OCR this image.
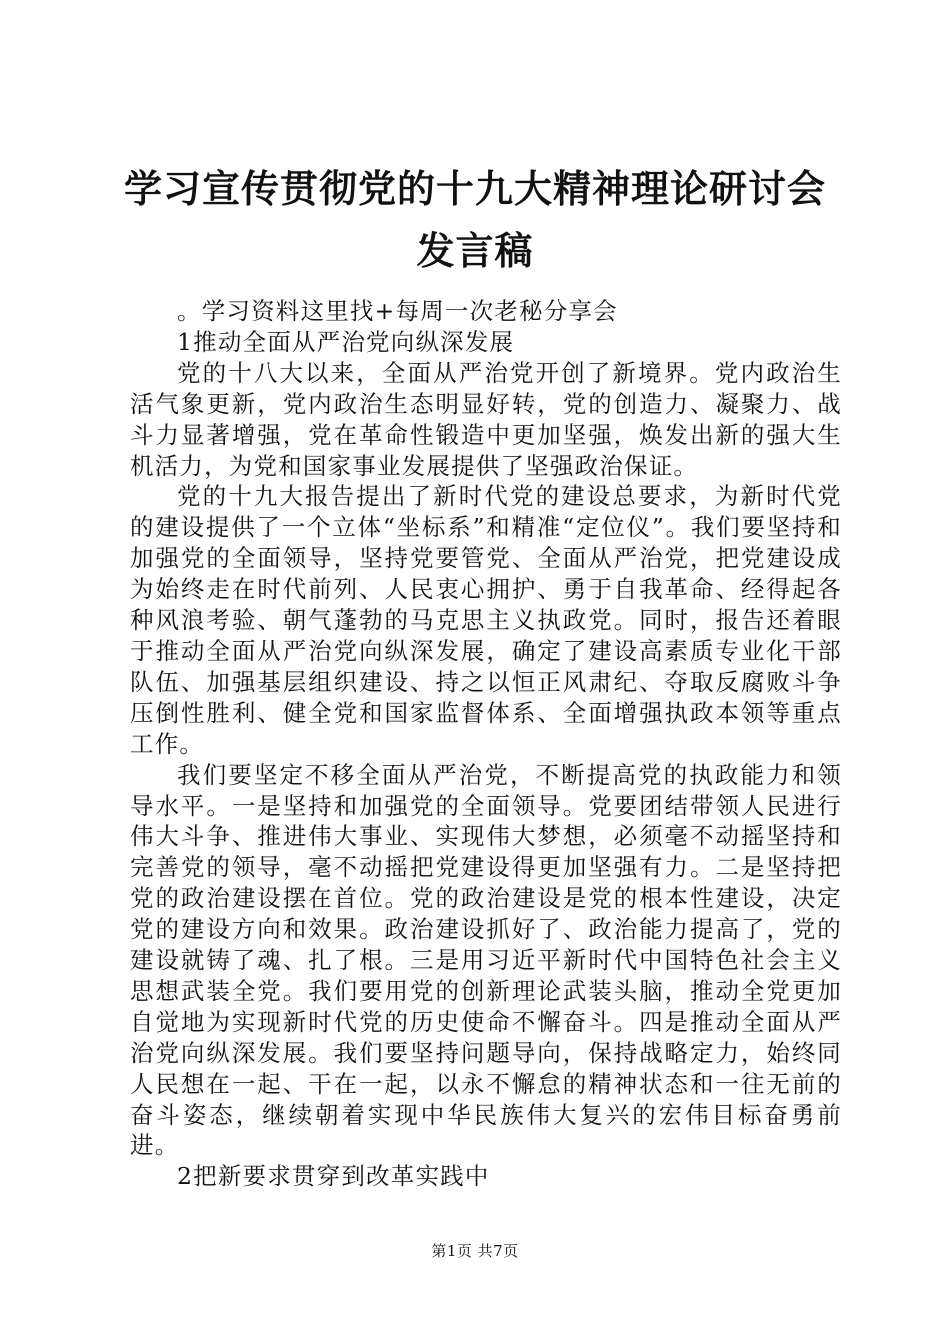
学习宣传贯彻党的十九大精神理论研讨会发言稿

。学习资料这里找+每周一次老秘分享会

1推动全面从严治党向纵深发展

党的十八大以来，全面从严治党开创了新境界。党内政治生活气象更新，党内政治生态明显好转，党的创造力、凝聚力、战斗力显著增强，党在革命性锻造中更加坚强，焕发出新的强大生机活力，为党和国家事业发展提供了坚强政治保证。

党的十九大报告提出了新时代党的建设总要求，为新时代党的建设提供了一个立体“坐标系”和精准“定位仪”。我们要坚持和加强党的全面领导，坚持党要管党、全面从严治党，把党建设成为始终走在时代前列、人民衷心拥护、勇于自我革命、经得起各种风浪考验、朝气蓬勃的马克思主义执政党。同时，报告还着眼于推动全面从严治党向纵深发展，确定了建设高素质专业化干部队伍、加强基层组织建设、持之以恒正风肃纪、夺取反腐败斗争压倒性胜利、健全党和国家监督体系、全面增强执政本领等重点工作。

我们要坚定不移全面从严治党，不断提高党的执政能力和领导水平。一是坚持和加强党的全面领导。党要团结带领人民进行伟大斗争、推进伟大事业、实现伟大梦想，必须毫不动摇坚持和完善党的领导，毫不动摇把党建设得更加坚强有力。二是坚持把党的政治建设摆在首位。党的政治建设是党的根本性建设，决定党的建设方向和效果。政治建设抓好了、政治能力提高了，党的建设就铸了魂、扎了根。三是用习近平新时代中国特色社会主义思想武装全党。我们要用党的创新理论武装头脑，推动全党更加自觉地为实现新时代党的历史使命不懈奋斗。四是推动全面从严治党向纵深发展。我们要坚持问题导向，保持战略定力，始终同人民想在一起、干在一起，以永不懈怠的精神状态和一往无前的奋斗姿态，继续朝着实现中华民族伟大复兴的宏伟目标奋勇前进。

2把新要求贯穿到改革实践中

第1页 共7页
